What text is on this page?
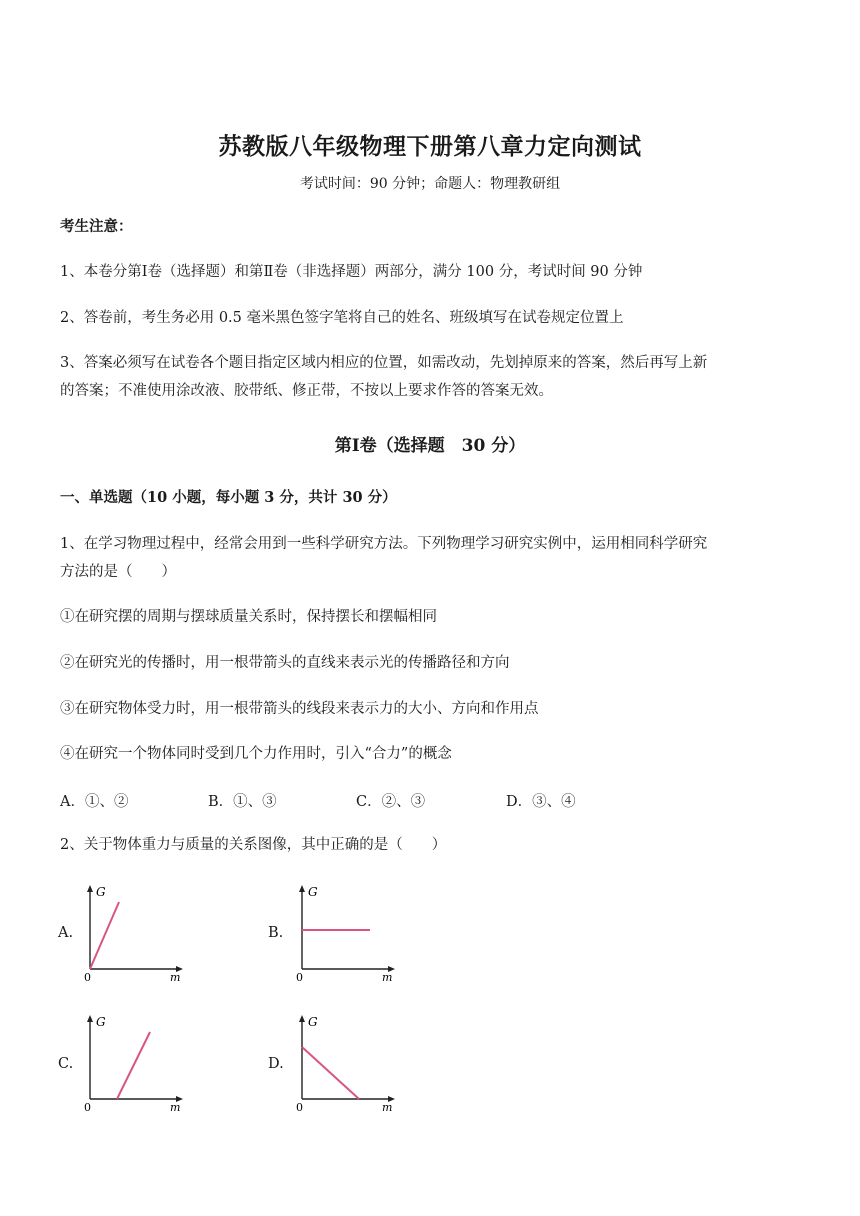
苏教版八年级物理下册第八章力定向测试
考试时间：90 分钟；命题人：物理教研组
考生注意：
1、本卷分第Ⅰ卷（选择题）和第Ⅱ卷（非选择题）两部分，满分 100 分，考试时间 90 分钟
2、答卷前，考生务必用 0.5 毫米黑色签字笔将自己的姓名、班级填写在试卷规定位置上
3、答案必须写在试卷各个题目指定区域内相应的位置，如需改动，先划掉原来的答案，然后再写上新
的答案；不准使用涂改液、胶带纸、修正带，不按以上要求作答的答案无效。
第Ⅰ卷（选择题　30 分）
一、单选题（10 小题，每小题 3 分，共计 30 分）
1、在学习物理过程中，经常会用到一些科学研究方法。下列物理学习研究实例中，运用相同科学研究
方法的是（　　）
①在研究摆的周期与摆球质量关系时，保持摆长和摆幅相同
②在研究光的传播时，用一根带箭头的直线来表示光的传播路径和方向
③在研究物体受力时，用一根带箭头的线段来表示力的大小、方向和作用点
④在研究一个物体同时受到几个力作用时，引入“合力”的概念
A．①、②	B．①、③	C．②、③	D．③、④
2、关于物体重力与质量的关系图像，其中正确的是（　　）
A.
G
m
0
B.
G
m
0
C.
G
m
0
D.
G
m
0
